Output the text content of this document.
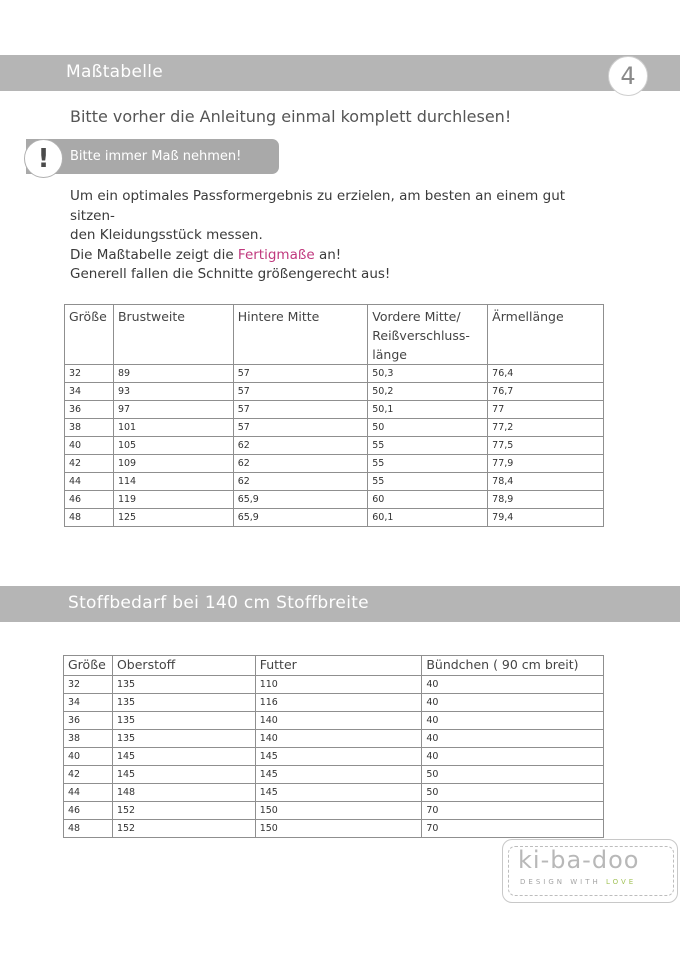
Maßtabelle	4
Bitte vorher die Anleitung einmal komplett durchlesen!
!	Bitte immer Maß nehmen!

Um ein optimales Passformergebnis zu erzielen, am besten an einem gut sitzen-

den Kleidungsstück messen.

Die Maßtabelle zeigt die Fertigmaße an!

Generell fallen die Schnitte größengerecht aus!

Größe	Brustweite	Hintere Mitte	Vordere Mitte/
Reißverschluss-
länge	Ärmellänge
32	89	57	50,3	76,4
34	93	57	50,2	76,7
36	97	57	50,1	77
38	101	57	50	77,2
40	105	62	55	77,5
42	109	62	55	77,9
44	114	62	55	78,4
46	119	65,9	60	78,9
48	125	65,9	60,1	79,4
Stoffbedarf bei 140 cm Stoffbreite
Größe	Oberstoff	Futter	Bündchen ( 90 cm breit)
32	135	110	40
34	135	116	40
36	135	140	40
38	135	140	40
40	145	145	40
42	145	145	50
44	148	145	50
46	152	150	70
48	152	150	70
ki-ba-doo
DESIGN WITH LOVE
